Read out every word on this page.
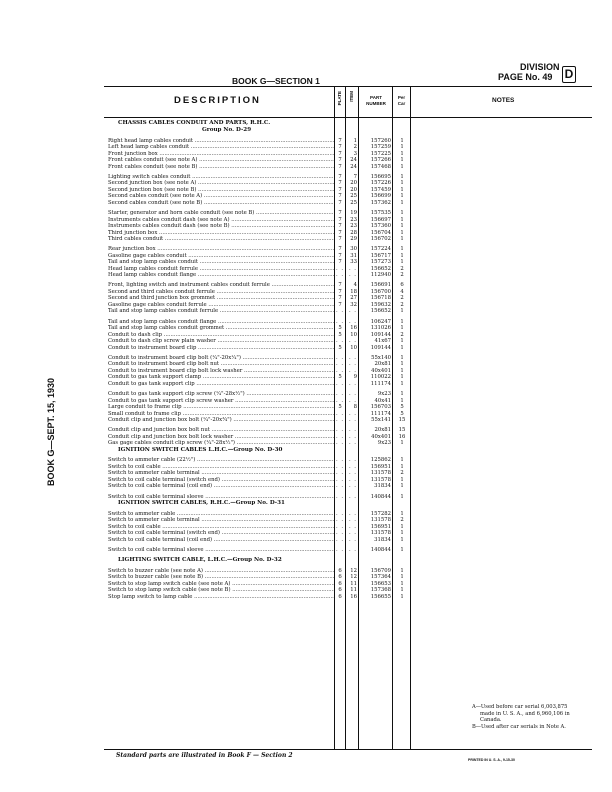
DIVISION
PAGE No. 49 D
BOOK G—SECTION 1
BOOK G—SEPT. 15, 1930
DESCRIPTION	PLATE ITEM	PART NUMBER
Per Car	NOTES
CHASSIS CABLES CONDUIT AND PARTS, R.H.C.
Group No. D-29
Right head lamp cables conduit .....	7	1	157260	1
Left head lamp cables conduit .....	7	2	157259	1
Front junction box .....	7	3	157225	1
Front cables conduit (see note A) .....	7	24	157266	1
Front cables conduit (see note B) .....	7	24	157468	1
Lighting switch cables conduit .....	7	7	156695	1
Second junction box (see note A) .....	7	20	157226	1
Second junction box (see note B) .....	7	20	157459	1
Second cables conduit (see note A) .....	7	25	156699	1
Second cables conduit (see note B) .....	7	25	157362	1
Starter, generator and horn cable conduit (see note B) .....	7	19	157535	1
Instruments cables conduit dash (see note A) .....	7	23	156697	1
Instruments cables conduit dash (see note B) .....	7	23	157360	1
Third junction box .....	7	28	156704	1
Third cables conduit .....	7	29	156702	1
Rear junction box .....	7	30	157224	1
Gasoline gage cables conduit .....	7	31	156717	1
Tail and stop lamp cables conduit .....	7	33	157273	1
Head lamp cables conduit ferrule ..... . . . .	156652	2
Head lamp cables conduit flange ..... . . . .	112940	2
Front, lighting switch and instrument cables conduit ferrule .....	7	4	156691	6
Second and third cables conduit ferrule .....	7	18	156700	4
Second and third junction box grommet .....	7	27	156718	2
Gasoline gage cables conduit ferrule .....	7	32	159632	2
Tail and stop lamp cables conduit ferrule ..... . . . .	156652	1
Tail and stop lamp cables conduit flange ..... . . . .	106247	1
Tail and stop lamp cables conduit grommet .....	5	16	131026	1
Conduit to dash clip .....	5	10	109144	2
Conduit to dash clip screw plain washer ..... . . . .	41x67	1
Conduit to instrument board clip .....	5	10	109144	1
Conduit to instrument board clip bolt (¼"-20x¼") ..... . . . .	55x140	1
Conduit to instrument board clip bolt nut ..... . . . .	20x81	1
Conduit to instrument board clip bolt lock washer ..... . . . .	40x401	1
Conduit to gas tank support clamp .....	5	9	110022	1
Conduit to gas tank support clip ..... . . . .	111174	1
Conduit to gas tank support clip screw (¼"-28x½") ..... . . . .	9x23	1
Conduit to gas tank support clip screw washer ..... . . . .	40x41	1
Large conduit to frame clip .....	5	8	156703	5
Small conduit to frame clip ..... . . . .	111174	5
Conduit clip and junction box bolt (¼"-20x¾") ..... . . . .	55x141	15
Conduit clip and junction box bolt nut ..... . . . .	20x81	15
Conduit clip and junction box bolt lock washer ..... . . . .	40x401	16
Gas gage cables conduit clip screw (¼"-28x½") ..... . . . .	9x23	1
IGNITION SWITCH CABLES L.H.C.—Group No. D-30
Switch to ammeter cable (22½") ..... . . . .	125862	1
Switch to coil cable ..... . . . .	156951	1
Switch to ammeter cable terminal ..... . . . .	131578	2
Switch to coil cable terminal (switch end) ..... . . . .	131578	1
Switch to coil cable terminal (coil end) ..... . . . .	31834	1
Switch to coil cable terminal sleeve ..... . . . .	140844	1
IGNITION SWITCH CABLES, R.H.C.—Group No. D-31
Switch to ammeter cable ..... . . . .	157282	1
Switch to ammeter cable terminal ..... . . . .	131578	2
Switch to coil cable ..... . . . .	156951	1
Switch to coil cable terminal (switch end) ..... . . . .	131578	1
Switch to coil cable terminal (coil end) ..... . . . .	31834	1
Switch to coil cable terminal sleeve ..... . . . .	140844	1
LIGHTING SWITCH CABLE, L.H.C.—Group No. D-32
Switch to buzzer cable (see note A) .....	6	12	156709	1
Switch to buzzer cable (see note B) .....	6	12	157364	1
Switch to stop lamp switch cable (see note A) .....	6	11	156653	1
Switch to stop lamp switch cable (see note B) .....	6	11	157368	1
Stop lamp switch to lamp cable .....	6	16	156655	1
A—Used before car serial 6,003,875
made in U. S. A., and 6,960,106 in
Canada.
B—Used after car serials in Note A.
Standard parts are illustrated in Book F — Section 2
PRINTED IN U. S. A., 9-15-30
